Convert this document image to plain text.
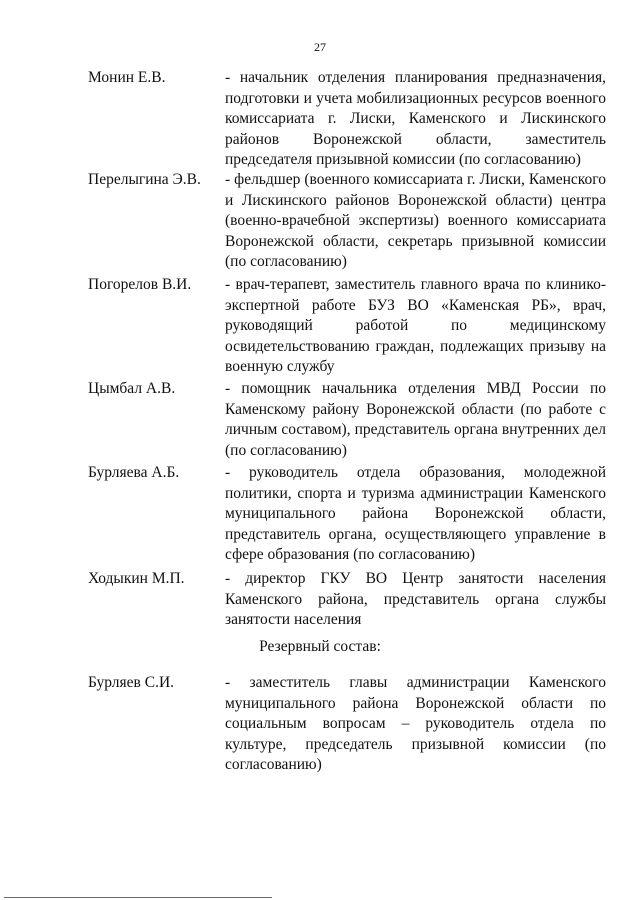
27
Монин Е.В.	- начальник отделения планирования предназначения, подготовки и учета мобилизационных ресурсов военного комиссариата г. Лиски, Каменского и Лискинского районов Воронежской области, заместитель председателя призывной комиссии (по согласованию)
Перелыгина Э.В.	- фельдшер (военного комиссариата г. Лиски, Каменского и Лискинского районов Воронежской области) центра (военно-врачебной экспертизы) военного комиссариата Воронежской области, секретарь призывной комиссии (по согласованию)
Погорелов В.И.	- врач-терапевт, заместитель главного врача по клинико-экспертной работе БУЗ ВО «Каменская РБ», врач, руководящий работой по медицинскому освидетельствованию граждан, подлежащих призыву на военную службу
Цымбал А.В.	- помощник начальника отделения МВД России по Каменскому району Воронежской области (по работе с личным составом), представитель органа внутренних дел (по согласованию)
Бурляева А.Б.	- руководитель отдела образования, молодежной политики, спорта и туризма администрации Каменского муниципального района Воронежской области, представитель органа, осуществляющего управление в сфере образования (по согласованию)
Ходыкин М.П.	- директор ГКУ ВО Центр занятости населения Каменского района, представитель органа службы занятости населения
Резервный состав:
Бурляев С.И.	- заместитель главы администрации Каменского муниципального района Воронежской области по социальным вопросам – руководитель отдела по культуре, председатель призывной комиссии (по согласованию)
